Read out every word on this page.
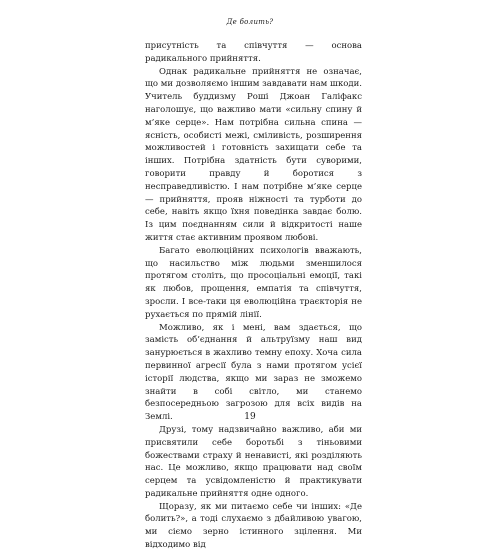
Де болить?

присутність та співчуття — основа радикального прийняття.

Однак радикальне прийняття не означає, що ми дозволяємо іншим завдавати нам шкоди. Учитель буддизму Роші Джоан Галіфакс наголошує, що важливо мати «сильну спину й м’яке серце». Нам потрібна сильна спина — ясність, особисті межі, сміливість, розширення можливостей і готовність захищати себе та інших. Потрібна здатність бути суворими, говорити правду й боротися з несправедливістю. І нам потрібне м’яке серце — прийняття, прояв ніжності та турботи до себе, навіть якщо їхня поведінка завдає болю. Із цим поєднанням сили й відкритості наше життя стає активним проявом любові.

Багато еволюційних психологів вважають, що насильство між людьми зменшилося протягом століть, що просоціальні емоції, такі як любов, прощення, емпатія та співчуття, зросли. І все-таки ця еволюційна траєкторія не рухається по прямій лінії.

Можливо, як і мені, вам здається, що замість об’єднання й альтруїзму наш вид занурюється в жахливо темну епоху. Хоча сила первинної агресії була з нами протягом усієї історії людства, якщо ми зараз не зможемо знайти в собі світло, ми станемо безпосередньою загрозою для всіх видів на Землі.

Друзі, тому надзвичайно важливо, аби ми присвятили себе боротьбі з тіньовими божествами страху й ненависті, які розділяють нас. Це можливо, якщо працювати над своїм серцем та усвідомленістю й практикувати радикальне прийняття одне одного.

Щоразу, як ми питаємо себе чи інших: «Де болить?», а тоді слухаємо з дбайливою увагою, ми сіємо зерно істинного зцілення. Ми відходимо від

19
